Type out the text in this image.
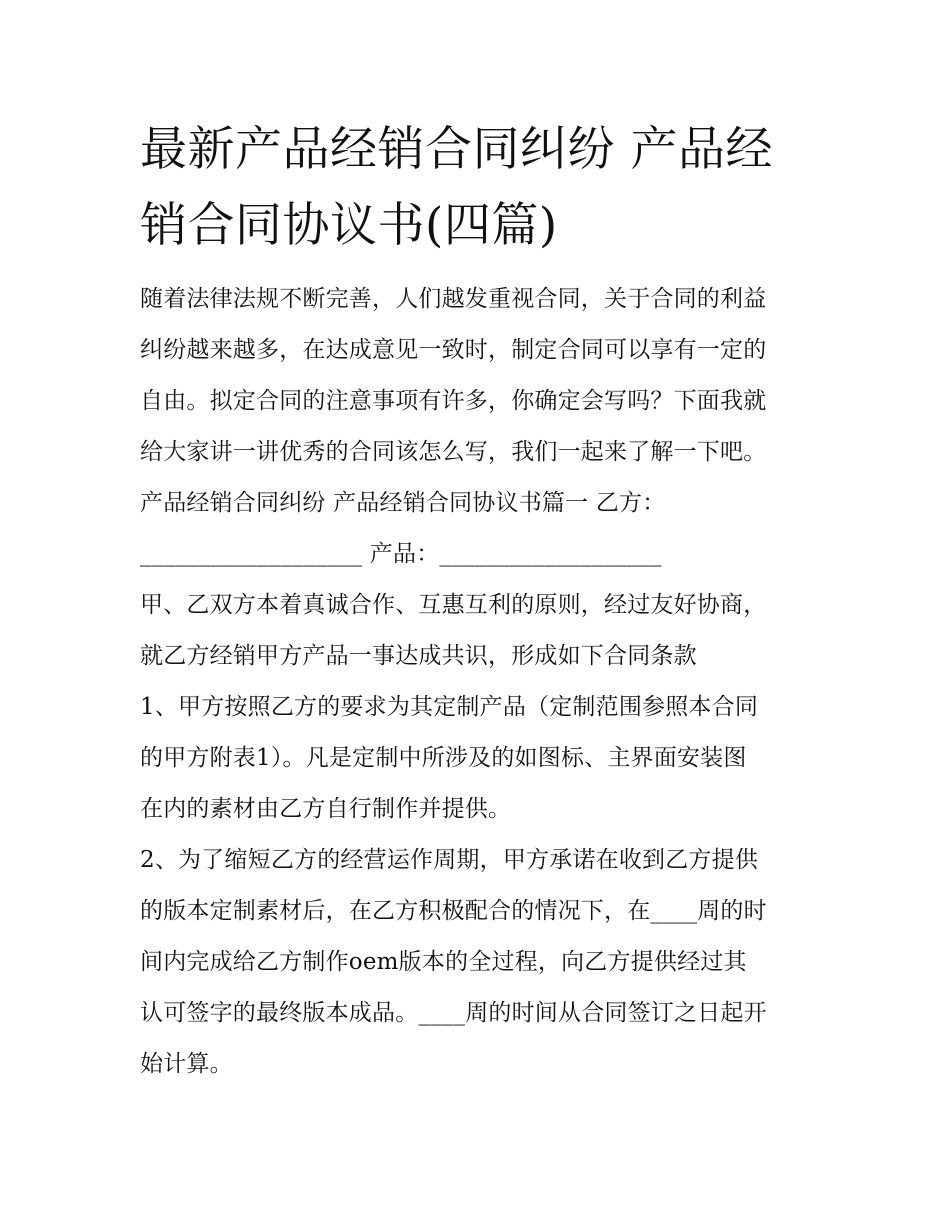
最新产品经销合同纠纷 产品经
销合同协议书(四篇)
随着法律法规不断完善，人们越发重视合同，关于合同的利益
纠纷越来越多，在达成意见一致时，制定合同可以享有一定的
自由。拟定合同的注意事项有许多，你确定会写吗？下面我就
给大家讲一讲优秀的合同该怎么写，我们一起来了解一下吧。
产品经销合同纠纷 产品经销合同协议书篇一 乙方：
___________________ 产品：___________________
甲、乙双方本着真诚合作、互惠互利的原则，经过友好协商，
就乙方经销甲方产品一事达成共识，形成如下合同条款
1、甲方按照乙方的要求为其定制产品（定制范围参照本合同
的甲方附表1）。凡是定制中所涉及的如图标、主界面安装图
在内的素材由乙方自行制作并提供。
2、为了缩短乙方的经营运作周期，甲方承诺在收到乙方提供
的版本定制素材后，在乙方积极配合的情况下，在____周的时
间内完成给乙方制作oem版本的全过程，向乙方提供经过其
认可签字的最终版本成品。____周的时间从合同签订之日起开
始计算。
